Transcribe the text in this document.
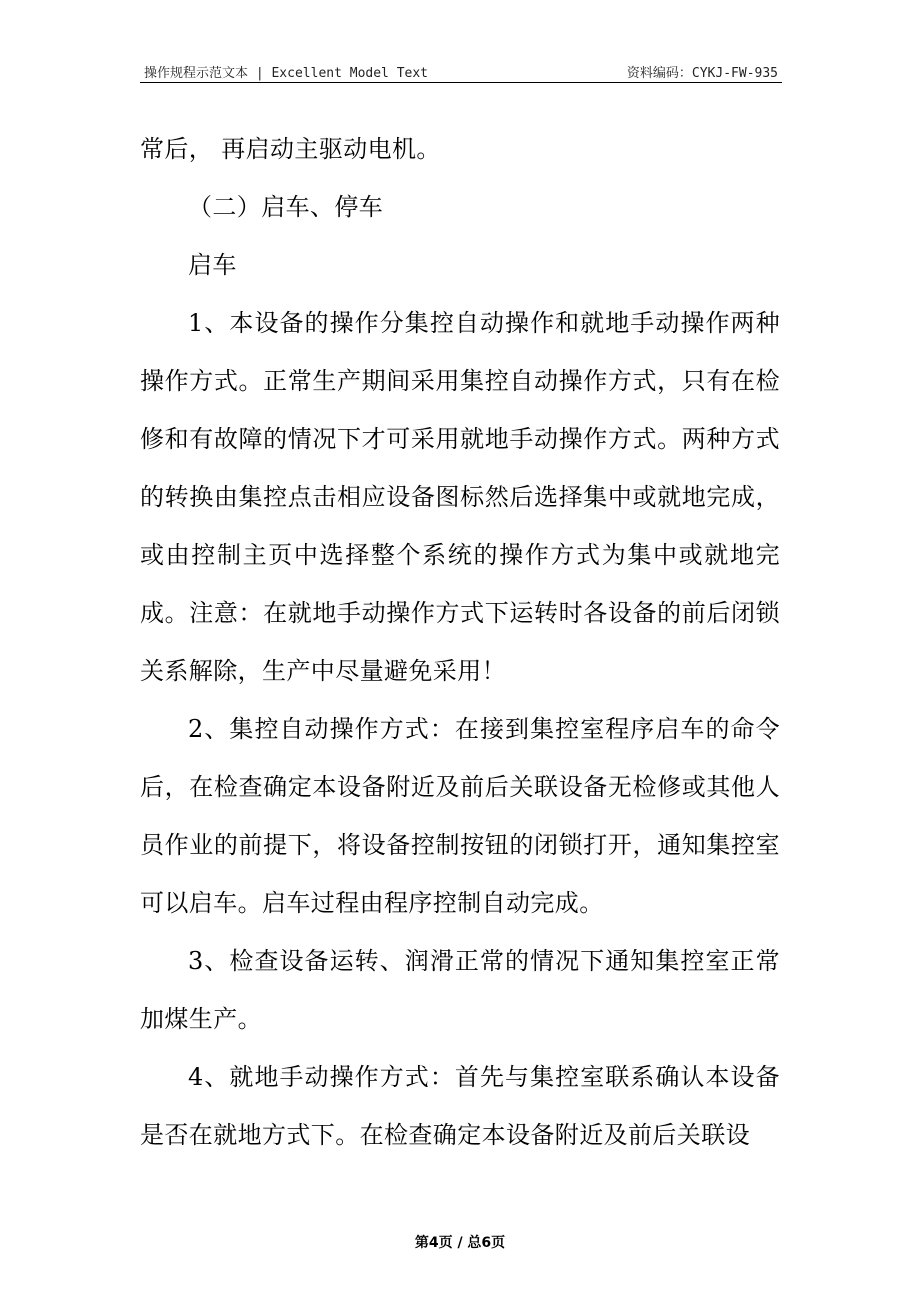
操作规程示范文本 | Excellent Model Text	资料编码：CYKJ-FW-935

常后， 再启动主驱动电机。

（二）启车、停车

启车

1、本设备的操作分集控自动操作和就地手动操作两种操作方式。正常生产期间采用集控自动操作方式，只有在检修和有故障的情况下才可采用就地手动操作方式。两种方式的转换由集控点击相应设备图标然后选择集中或就地完成，或由控制主页中选择整个系统的操作方式为集中或就地完成。注意：在就地手动操作方式下运转时各设备的前后闭锁关系解除，生产中尽量避免采用！

2、集控自动操作方式：在接到集控室程序启车的命令后，在检查确定本设备附近及前后关联设备无检修或其他人员作业的前提下，将设备控制按钮的闭锁打开，通知集控室可以启车。启车过程由程序控制自动完成。

3、检查设备运转、润滑正常的情况下通知集控室正常加煤生产。

4、就地手动操作方式：首先与集控室联系确认本设备是否在就地方式下。在检查确定本设备附近及前后关联设

第4页 / 总6页
